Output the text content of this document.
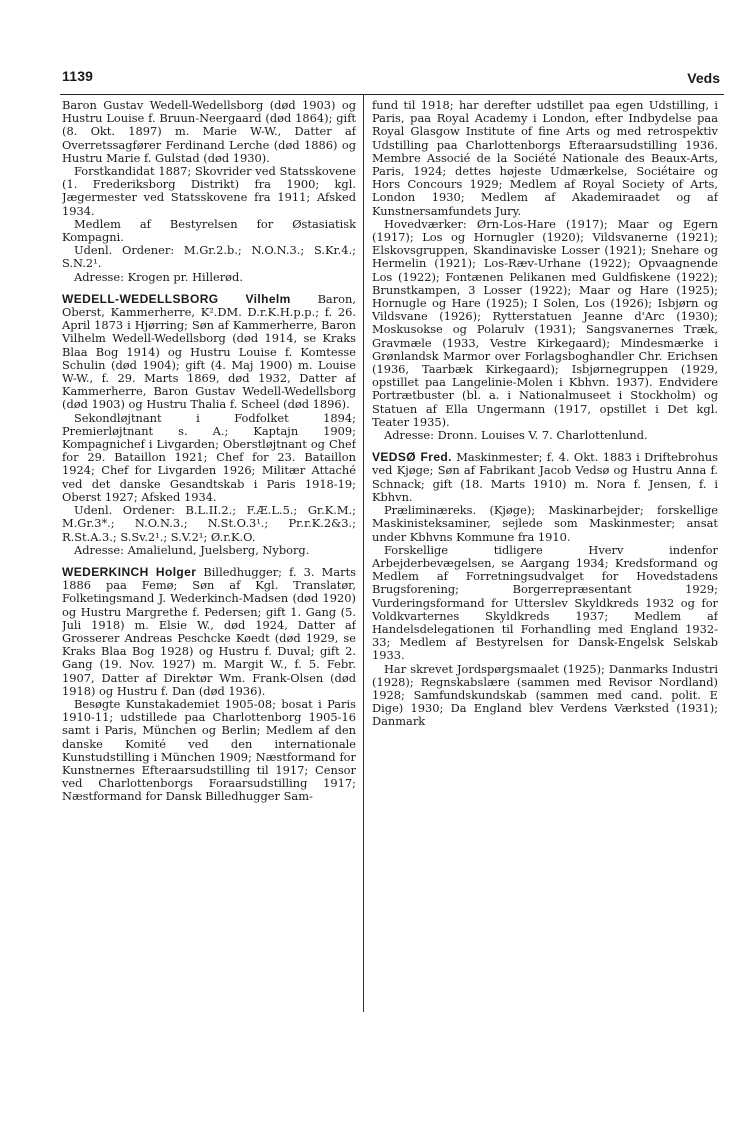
1139	Veds

Baron Gustav Wedell-Wedellsborg (død 1903) og Hustru Louise f. Bruun-Neergaard (død 1864); gift (8. Okt. 1897) m. Marie W-W., Datter af Overretssagfører Ferdinand Lerche (død 1886) og Hustru Marie f. Gulstad (død 1930).

Forstkandidat 1887; Skovrider ved Statsskovene (1. Frederiksborg Distrikt) fra 1900; kgl. Jægermester ved Statsskovene fra 1911; Afsked 1934.

Medlem af Bestyrelsen for Østasiatisk Kompagni.

Udenl. Ordener: M.Gr.2.b.; N.O.N.3.; S.Kr.4.; S.N.2¹.

Adresse: Krogen pr. Hillerød.

WEDELL-WEDELLSBORG Vilhelm Baron, Oberst, Kammerherre, K².DM. D.r.K.H.p.p.; f. 26. April 1873 i Hjørring; Søn af Kammerherre, Baron Vilhelm Wedell-Wedellsborg (død 1914, se Kraks Blaa Bog 1914) og Hustru Louise f. Komtesse Schulin (død 1904); gift (4. Maj 1900) m. Louise W-W., f. 29. Marts 1869, død 1932, Datter af Kammerherre, Baron Gustav Wedell-Wedellsborg (død 1903) og Hustru Thalia f. Scheel (død 1896).

Sekondløjtnant i Fodfolket 1894; Premierløjtnant s. A.; Kaptajn 1909; Kompagnichef i Livgarden; Oberstløjtnant og Chef for 29. Bataillon 1921; Chef for 23. Bataillon 1924; Chef for Livgarden 1926; Militær Attaché ved det danske Gesandtskab i Paris 1918-19; Oberst 1927; Afsked 1934.

Udenl. Ordener: B.L.II.2.; F.Æ.L.5.; Gr.K.M.; M.Gr.3*.; N.O.N.3.; N.St.O.3¹.; Pr.r.K.2&3.; R.St.A.3.; S.Sv.2¹.; S.V.2¹; Ø.r.K.O.

Adresse: Amalielund, Juelsberg, Nyborg.

WEDERKINCH Holger Billedhugger; f. 3. Marts 1886 paa Femø; Søn af Kgl. Translatør, Folketingsmand J. Wederkinch-Madsen (død 1920) og Hustru Margrethe f. Pedersen; gift 1. Gang (5. Juli 1918) m. Elsie W., død 1924, Datter af Grosserer Andreas Peschcke Køedt (død 1929, se Kraks Blaa Bog 1928) og Hustru f. Duval; gift 2. Gang (19. Nov. 1927) m. Margit W., f. 5. Febr. 1907, Datter af Direktør Wm. Frank-Olsen (død 1918) og Hustru f. Dan (død 1936).

Besøgte Kunstakademiet 1905-08; bosat i Paris 1910-11; udstillede paa Charlottenborg 1905-16 samt i Paris, München og Berlin; Medlem af den danske Komité ved den internationale Kunstudstilling i München 1909; Næstformand for Kunstnernes Efteraarsudstilling til 1917; Censor ved Charlottenborgs Foraarsudstilling 1917; Næstformand for Dansk Billedhugger Sam-

fund til 1918; har derefter udstillet paa egen Udstilling, i Paris, paa Royal Academy i London, efter Indbydelse paa Royal Glasgow Institute of fine Arts og med retrospektiv Udstilling paa Charlottenborgs Efteraarsudstilling 1936. Membre Associé de la Société Nationale des Beaux-Arts, Paris, 1924; dettes højeste Udmærkelse, Sociétaire og Hors Concours 1929; Medlem af Royal Society of Arts, London 1930; Medlem af Akademiraadet og af Kunstnersamfundets Jury.

Hovedværker: Ørn-Los-Hare (1917); Maar og Egern (1917); Los og Hornugler (1920); Vildsvanerne (1921); Elskovsgruppen, Skandinaviske Losser (1921); Snehare og Hermelin (1921); Los-Ræv-Urhane (1922); Opvaagnende Los (1922); Fontænen Pelikanen med Guldfiskene (1922); Brunstkampen, 3 Losser (1922); Maar og Hare (1925); Hornugle og Hare (1925); I Solen, Los (1926); Isbjørn og Vildsvane (1926); Rytterstatuen Jeanne d'Arc (1930); Moskusokse og Polarulv (1931); Sangsvanernes Træk, Gravmæle (1933, Vestre Kirkegaard); Mindesmærke i Grønlandsk Marmor over Forlagsboghandler Chr. Erichsen (1936, Taarbæk Kirkegaard); Isbjørnegruppen (1929, opstillet paa Langelinie-Molen i Kbhvn. 1937). Endvidere Portrætbuster (bl. a. i Nationalmuseet i Stockholm) og Statuen af Ella Ungermann (1917, opstillet i Det kgl. Teater 1935).

Adresse: Dronn. Louises V. 7. Charlottenlund.

VEDSØ Fred. Maskinmester; f. 4. Okt. 1883 i Driftebrohus ved Kjøge; Søn af Fabrikant Jacob Vedsø og Hustru Anna f. Schnack; gift (18. Marts 1910) m. Nora f. Jensen, f. i Kbhvn.

Præliminæreks. (Kjøge); Maskinarbejder; forskellige Maskinisteksaminer, sejlede som Maskinmester; ansat under Kbhvns Kommune fra 1910.

Forskellige tidligere Hverv indenfor Arbejderbevægelsen, se Aargang 1934; Kredsformand og Medlem af Forretningsudvalget for Hovedstadens Brugsforening; Borgerrepræsentant 1929; Vurderingsformand for Utterslev Skyldkreds 1932 og for Voldkvarternes Skyldkreds 1937; Medlem af Handelsdelegationen til Forhandling med England 1932-33; Medlem af Bestyrelsen for Dansk-Engelsk Selskab 1933.

Har skrevet Jordspørgsmaalet (1925); Danmarks Industri (1928); Regnskabslære (sammen med Revisor Nordland) 1928; Samfundskundskab (sammen med cand. polit. E Dige) 1930; Da England blev Verdens Værksted (1931); Danmark
